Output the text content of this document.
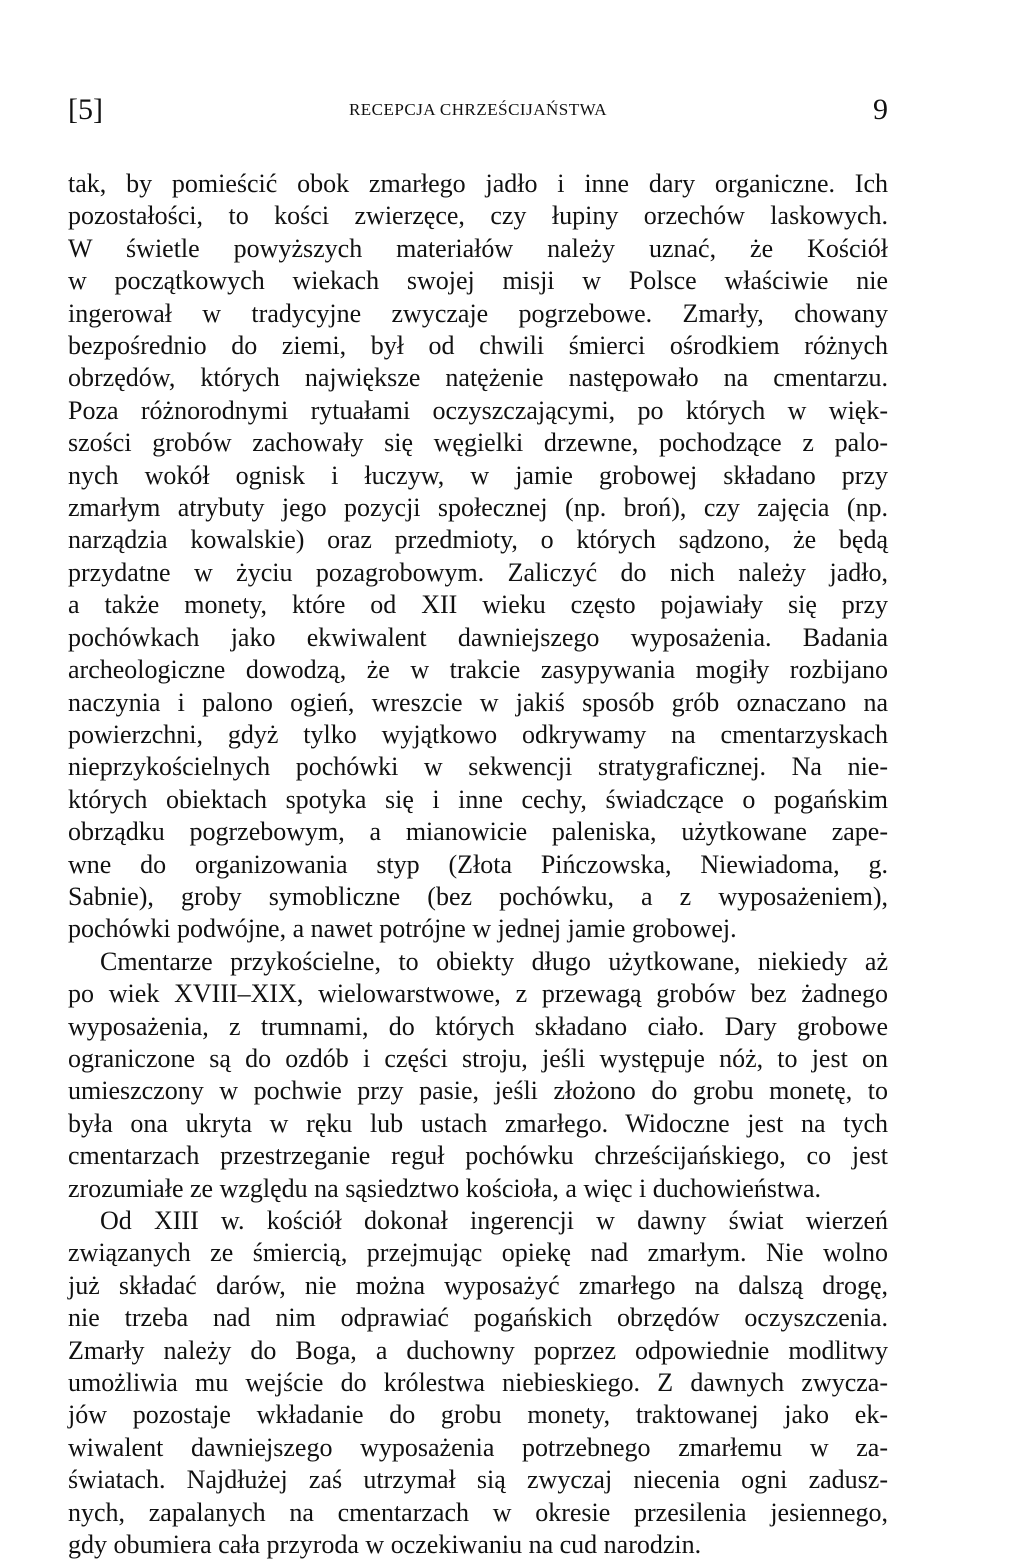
[5]	RECEPCJA CHRZEŚCIJAŃSTWA	9

tak, by pomieścić obok zmarłego jadło i inne dary organiczne. Ich

pozostałości, to kości zwierzęce, czy łupiny orzechów laskowych.

W świetle powyższych materiałów należy uznać, że Kościół

w początkowych wiekach swojej misji w Polsce właściwie nie

ingerował w tradycyjne zwyczaje pogrzebowe. Zmarły, chowany

bezpośrednio do ziemi, był od chwili śmierci ośrodkiem różnych

obrzędów, których największe natężenie następowało na cmentarzu.

Poza różnorodnymi rytuałami oczyszczającymi, po których w więk-

szości grobów zachowały się węgielki drzewne, pochodzące z palo-

nych wokół ognisk i łuczyw, w jamie grobowej składano przy

zmarłym atrybuty jego pozycji społecznej (np. broń), czy zajęcia (np.

narządzia kowalskie) oraz przedmioty, o których sądzono, że będą

przydatne w życiu pozagrobowym. Zaliczyć do nich należy jadło,

a także monety, które od XII wieku często pojawiały się przy

pochówkach jako ekwiwalent dawniejszego wyposażenia. Badania

archeologiczne dowodzą, że w trakcie zasypywania mogiły rozbijano

naczynia i palono ogień, wreszcie w jakiś sposób grób oznaczano na

powierzchni, gdyż tylko wyjątkowo odkrywamy na cmentarzyskach

nieprzykościelnych pochówki w sekwencji stratygraficznej. Na nie-

których obiektach spotyka się i inne cechy, świadczące o pogańskim

obrządku pogrzebowym, a mianowicie paleniska, użytkowane zape-

wne do organizowania styp (Złota Pińczowska, Niewiadoma, g.

Sabnie), groby symobliczne (bez pochówku, a z wyposażeniem),

pochówki podwójne, a nawet potrójne w jednej jamie grobowej.

Cmentarze przykościelne, to obiekty długo użytkowane, niekiedy aż

po wiek XVIII–XIX, wielowarstwowe, z przewagą grobów bez żadnego

wyposażenia, z trumnami, do których składano ciało. Dary grobowe

ograniczone są do ozdób i części stroju, jeśli występuje nóż, to jest on

umieszczony w pochwie przy pasie, jeśli złożono do grobu monetę, to

była ona ukryta w ręku lub ustach zmarłego. Widoczne jest na tych

cmentarzach przestrzeganie reguł pochówku chrześcijańskiego, co jest

zrozumiałe ze względu na sąsiedztwo kościoła, a więc i duchowieństwa.

Od XIII w. kościół dokonał ingerencji w dawny świat wierzeń

związanych ze śmiercią, przejmując opiekę nad zmarłym. Nie wolno

już składać darów, nie można wyposażyć zmarłego na dalszą drogę,

nie trzeba nad nim odprawiać pogańskich obrzędów oczyszczenia.

Zmarły należy do Boga, a duchowny poprzez odpowiednie modlitwy

umożliwia mu wejście do królestwa niebieskiego. Z dawnych zwycza-

jów pozostaje wkładanie do grobu monety, traktowanej jako ek-

wiwalent dawniejszego wyposażenia potrzebnego zmarłemu w za-

światach. Najdłużej zaś utrzymał sią zwyczaj niecenia ogni zadusz-

nych, zapalanych na cmentarzach w okresie przesilenia jesiennego,

gdy obumiera cała przyroda w oczekiwaniu na cud narodzin.
